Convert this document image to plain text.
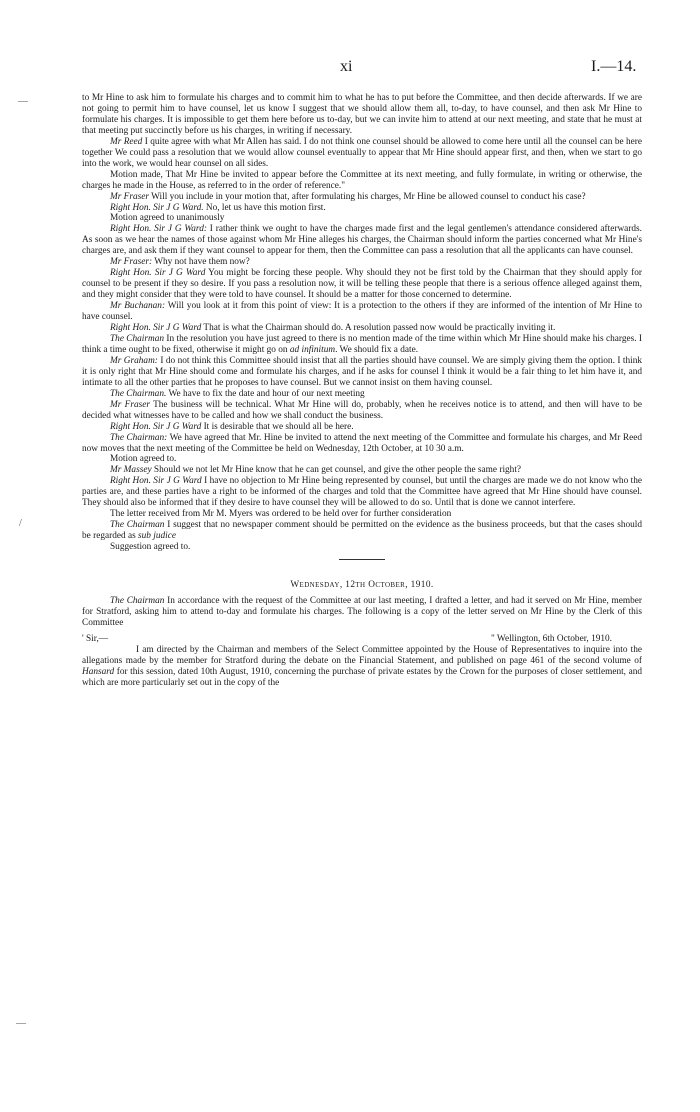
xi	I.—14.
—
/
—

to Mr Hine to ask him to formulate his charges and to commit him to what he has to put before the Committee, and then decide afterwards. If we are not going to permit him to have counsel, let us know I suggest that we should allow them all, to-day, to have counsel, and then ask Mr Hine to formulate his charges. It is impossible to get them here before us to-day, but we can invite him to attend at our next meeting, and state that he must at that meeting put succinctly before us his charges, in writing if necessary.

Mr Reed I quite agree with what Mr Allen has said. I do not think one counsel should be allowed to come here until all the counsel can be here together We could pass a resolution that we would allow counsel eventually to appear that Mr Hine should appear first, and then, when we start to go into the work, we would hear counsel on all sides.

Motion made, That Mr Hine be invited to appear before the Committee at its next meeting, and fully formulate, in writing or otherwise, the charges he made in the House, as referred to in the order of reference."

Mr Fraser Will you include in your motion that, after formulating his charges, Mr Hine be allowed counsel to conduct his case?

Right Hon. Sir J G Ward. No, let us have this motion first.

Motion agreed to unanimously

Right Hon. Sir J G Ward: I rather think we ought to have the charges made first and the legal gentlemen's attendance considered afterwards. As soon as we hear the names of those against whom Mr Hine alleges his charges, the Chairman should inform the parties concerned what Mr Hine's charges are, and ask them if they want counsel to appear for them, then the Committee can pass a resolution that all the applicants can have counsel.

Mr Fraser: Why not have them now?

Right Hon. Sir J G Ward You might be forcing these people. Why should they not be first told by the Chairman that they should apply for counsel to be present if they so desire. If you pass a resolution now, it will be telling these people that there is a serious offence alleged against them, and they might consider that they were told to have counsel. It should be a matter for those concerned to determine.

Mr Buchanan: Will you look at it from this point of view: It is a protection to the others if they are informed of the intention of Mr Hine to have counsel.

Right Hon. Sir J G Ward That is what the Chairman should do. A resolution passed now would be practically inviting it.

The Chairman In the resolution you have just agreed to there is no mention made of the time within which Mr Hine should make his charges. I think a time ought to be fixed, otherwise it might go on ad infinitum. We should fix a date.

Mr Graham: I do not think this Committee should insist that all the parties should have counsel. We are simply giving them the option. I think it is only right that Mr Hine should come and formulate his charges, and if he asks for counsel I think it would be a fair thing to let him have it, and intimate to all the other parties that he proposes to have counsel. But we cannot insist on them having counsel.

The Chairman. We have to fix the date and hour of our next meeting

Mr Fraser The business will be technical. What Mr Hine will do, probably, when he receives notice is to attend, and then will have to be decided what witnesses have to be called and how we shall conduct the business.

Right Hon. Sir J G Ward It is desirable that we should all be here.

The Chairman: We have agreed that Mr. Hine be invited to attend the next meeting of the Committee and formulate his charges, and Mr Reed now moves that the next meeting of the Committee be held on Wednesday, 12th October, at 10 30 a.m.

Motion agreed to.

Mr Massey Should we not let Mr Hine know that he can get counsel, and give the other people the same right?

Right Hon. Sir J G Ward I have no objection to Mr Hine being represented by counsel, but until the charges are made we do not know who the parties are, and these parties have a right to be informed of the charges and told that the Committee have agreed that Mr Hine should have counsel. They should also be informed that if they desire to have counsel they will be allowed to do so. Until that is done we cannot interfere.

The letter received from Mr M. Myers was ordered to be held over for further consideration

The Chairman I suggest that no newspaper comment should be permitted on the evidence as the business proceeds, but that the cases should be regarded as sub judice

Suggestion agreed to.

Wednesday, 12th October, 1910.

The Chairman In accordance with the request of the Committee at our last meeting, I drafted a letter, and had it served on Mr Hine, member for Stratford, asking him to attend to-day and formulate his charges. The following is a copy of the letter served on Mr Hine by the Clerk of this Committee

' Sir,—	" Wellington, 6th October, 1910.

I am directed by the Chairman and members of the Select Committee appointed by the House of Representatives to inquire into the allegations made by the member for Stratford during the debate on the Financial Statement, and published on page 461 of the second volume of Hansard for this session, dated 10th August, 1910, concerning the purchase of private estates by the Crown for the purposes of closer settlement, and which are more particularly set out in the copy of the
